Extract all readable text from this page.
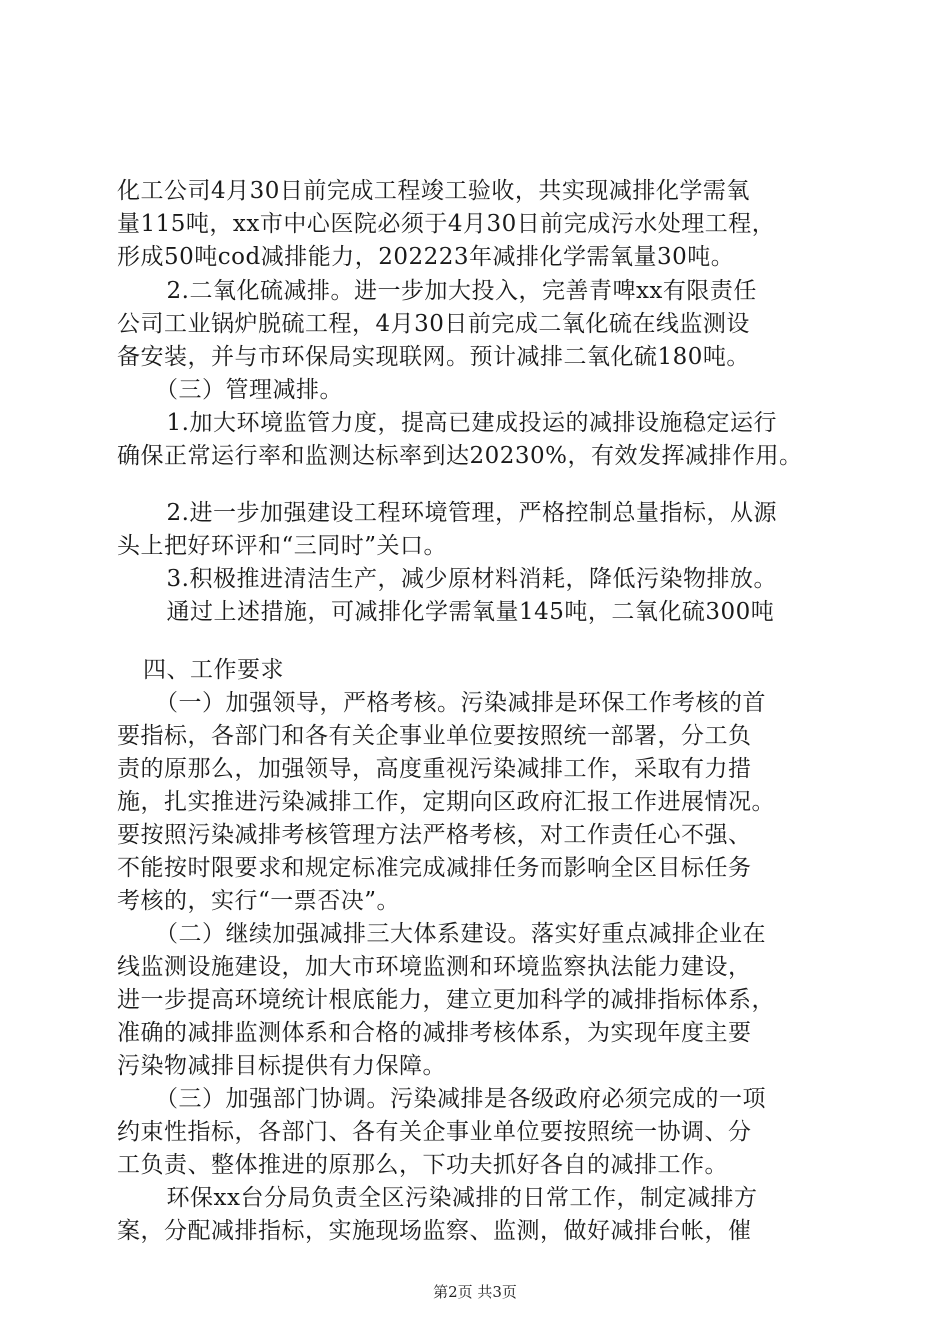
化工公司4月30日前完成工程竣工验收，共实现减排化学需氧
量115吨，xx市中心医院必须于4月30日前完成污水处理工程，
形成50吨cod减排能力，202223年减排化学需氧量30吨。
　2.二氧化硫减排。进一步加大投入，完善青啤xx有限责任
公司工业锅炉脱硫工程，4月30日前完成二氧化硫在线监测设
备安装，并与市环保局实现联网。预计减排二氧化硫180吨。
　（三）管理减排。
　1.加大环境监管力度，提高已建成投运的减排设施稳定运行
确保正常运行率和监测达标率到达20230%，有效发挥减排作用。
　2.进一步加强建设工程环境管理，严格控制总量指标，从源
头上把好环评和“三同时”关口。
　3.积极推进清洁生产，减少原材料消耗，降低污染物排放。
　通过上述措施，可减排化学需氧量145吨，二氧化硫300吨
四、工作要求
　（一）加强领导，严格考核。污染减排是环保工作考核的首
要指标，各部门和各有关企事业单位要按照统一部署，分工负
责的原那么，加强领导，高度重视污染减排工作，采取有力措
施，扎实推进污染减排工作，定期向区政府汇报工作进展情况。
要按照污染减排考核管理方法严格考核，对工作责任心不强、
不能按时限要求和规定标准完成减排任务而影响全区目标任务
考核的，实行“一票否决”。
　（二）继续加强减排三大体系建设。落实好重点减排企业在
线监测设施建设，加大市环境监测和环境监察执法能力建设，
进一步提高环境统计根底能力，建立更加科学的减排指标体系，
准确的减排监测体系和合格的减排考核体系，为实现年度主要
污染物减排目标提供有力保障。
　（三）加强部门协调。污染减排是各级政府必须完成的一项
约束性指标，各部门、各有关企事业单位要按照统一协调、分
工负责、整体推进的原那么，下功夫抓好各自的减排工作。
　环保xx台分局负责全区污染减排的日常工作，制定减排方
案，分配减排指标，实施现场监察、监测，做好减排台帐，催
第2页 共3页
